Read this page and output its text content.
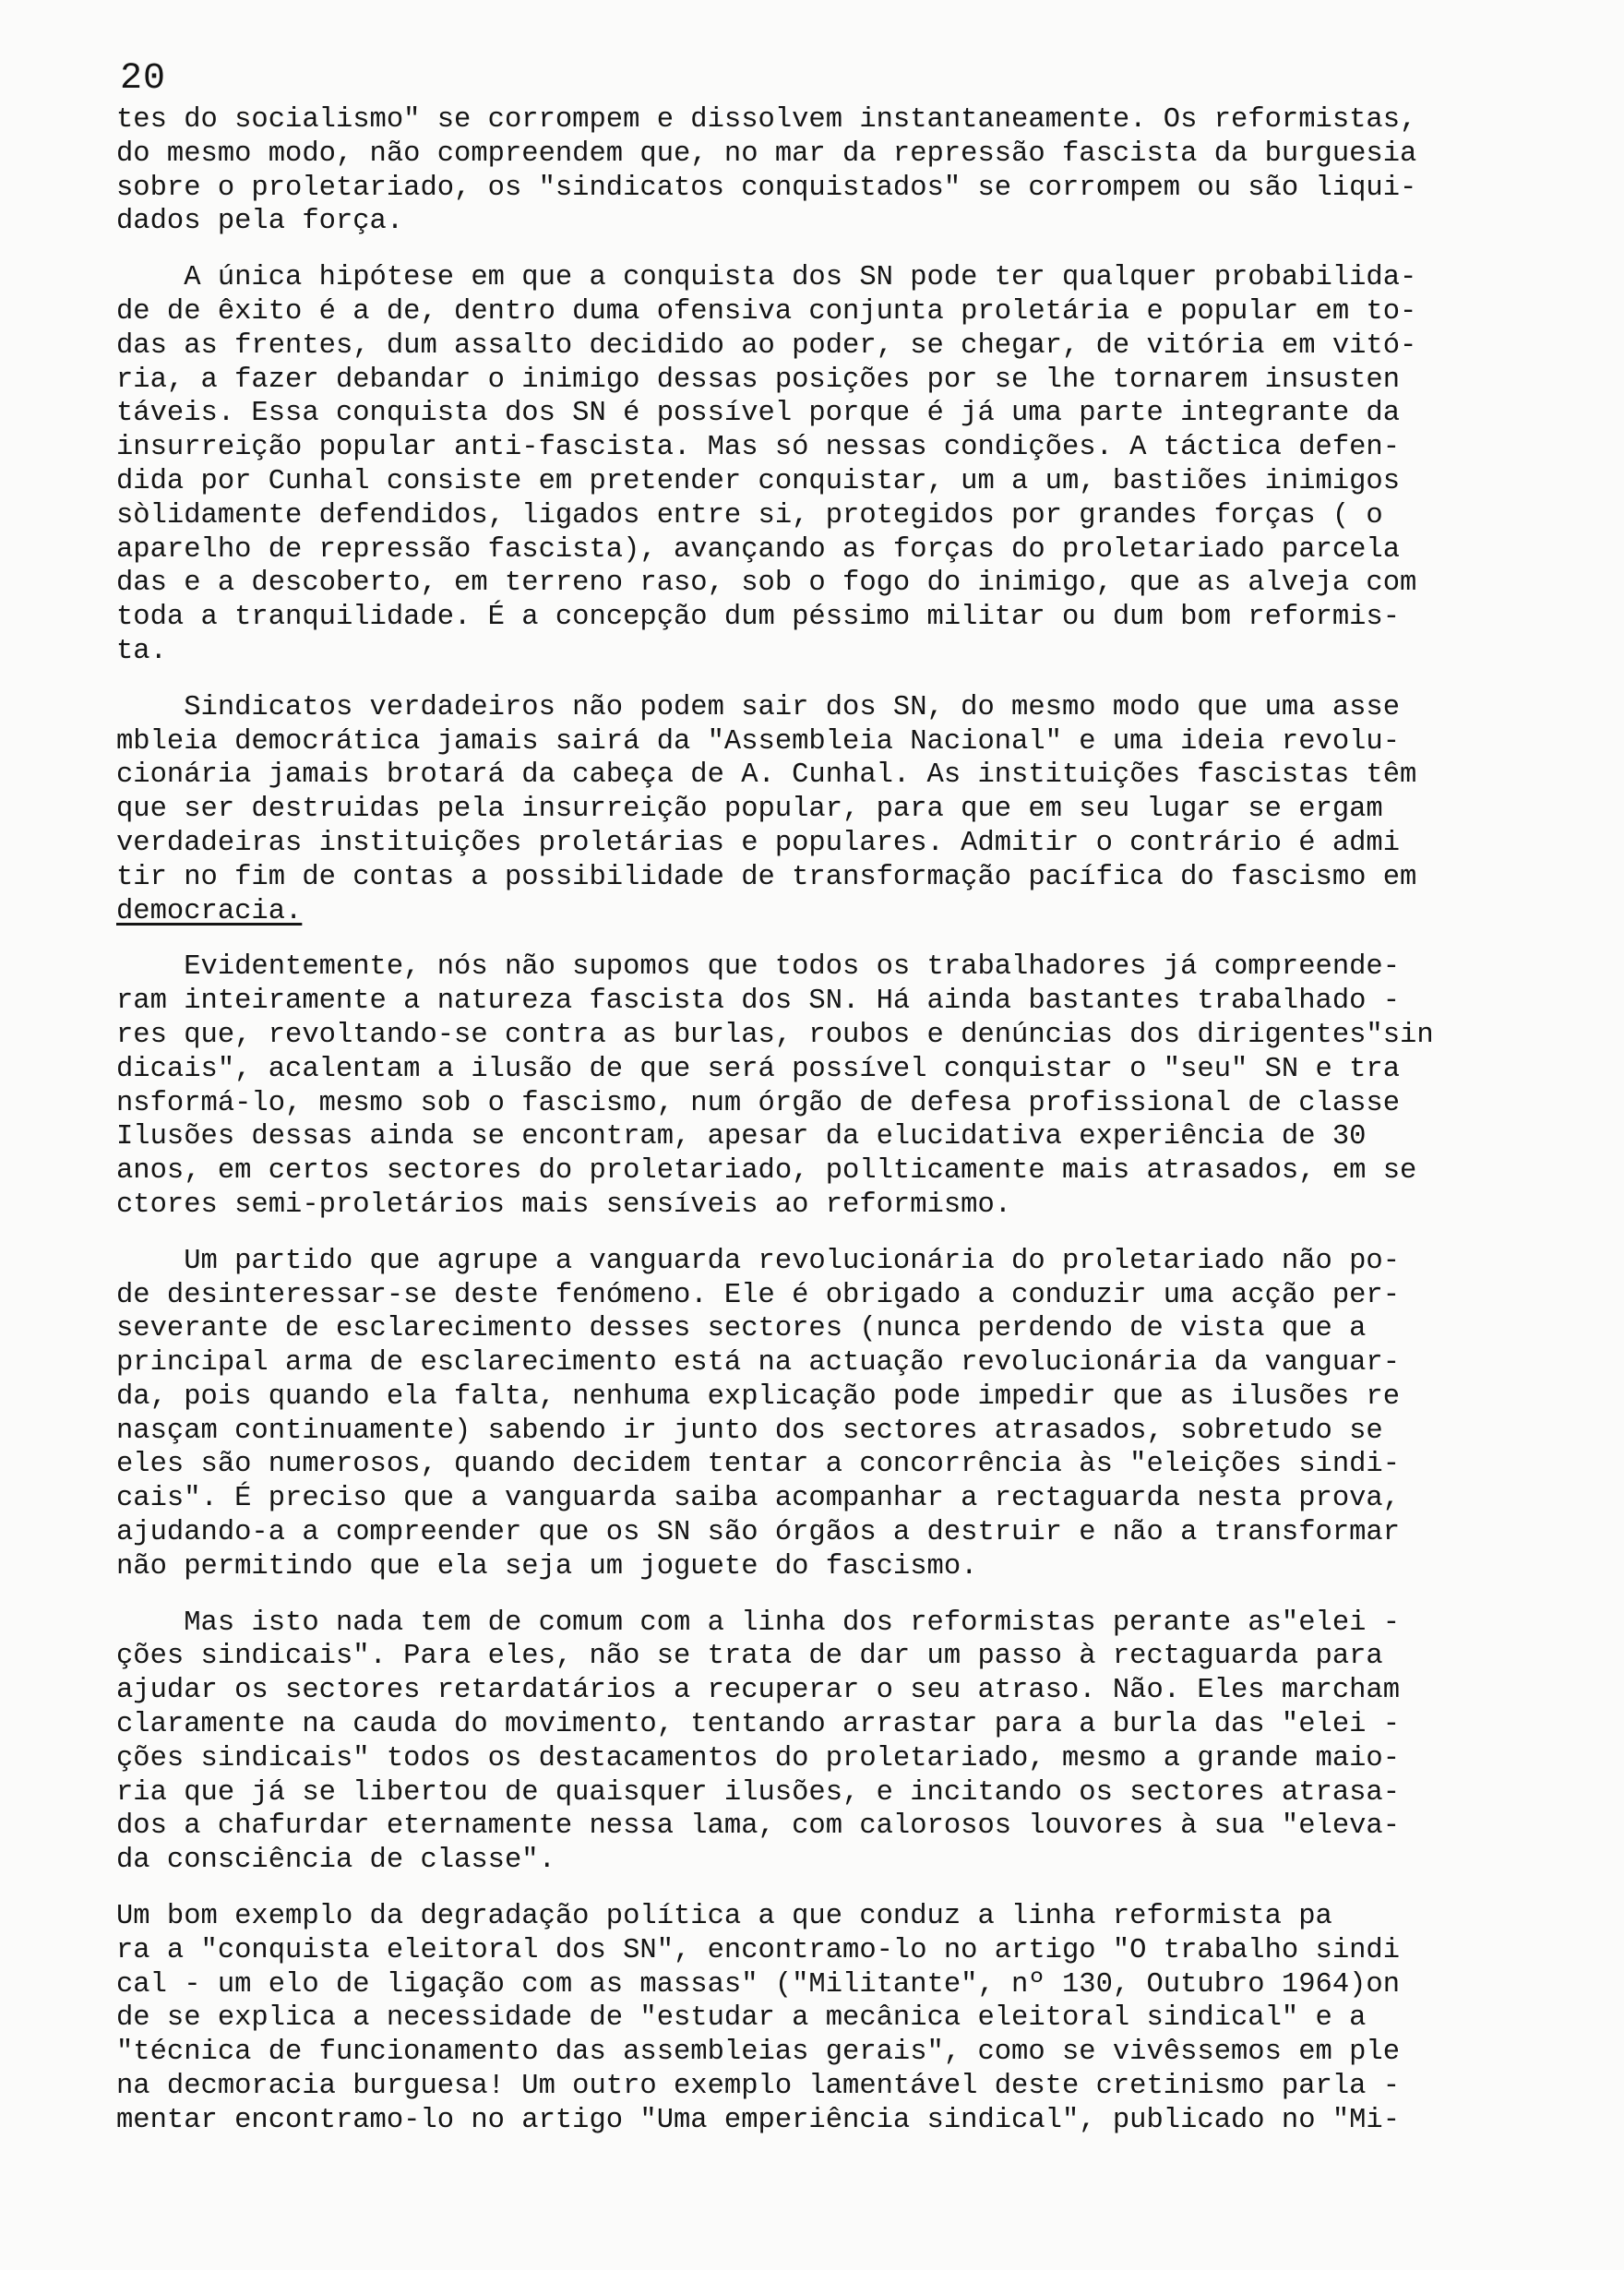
20
tes do socialismo" se corrompem e dissolvem instantaneamente. Os reformistas,
do mesmo modo, não compreendem que, no mar da repressão fascista da burguesia
sobre o proletariado, os "sindicatos conquistados" se corrompem ou são liqui-
dados pela força.
A única hipótese em que a conquista dos SN pode ter qualquer probabilida-
de de êxito é a de, dentro duma ofensiva conjunta proletária e popular em to-
das as frentes, dum assalto decidido ao poder, se chegar, de vitória em vitó-
ria, a fazer debandar o inimigo dessas posições por se lhe tornarem insusten
táveis. Essa conquista dos SN é possível porque é já uma parte integrante da
insurreição popular anti-fascista. Mas só nessas condições. A táctica defen-
dida por Cunhal consiste em pretender conquistar, um a um, bastiões inimigos
sòlidamente defendidos, ligados entre si, protegidos por grandes forças ( o
aparelho de repressão fascista), avançando as forças do proletariado parcela
das e a descoberto, em terreno raso, sob o fogo do inimigo, que as alveja com
toda a tranquilidade. É a concepção dum péssimo militar ou dum bom reformis-
ta.
Sindicatos verdadeiros não podem sair dos SN, do mesmo modo que uma asse
mbleia democrática jamais sairá da "Assembleia Nacional" e uma ideia revolu-
cionária jamais brotará da cabeça de A. Cunhal. As instituições fascistas têm
que ser destruidas pela insurreição popular, para que em seu lugar se ergam
verdadeiras instituições proletárias e populares. Admitir o contrário é admi
tir no fim de contas a possibilidade de transformação pacífica do fascismo em
democracia.
Evidentemente, nós não supomos que todos os trabalhadores já compreende-
ram inteiramente a natureza fascista dos SN. Há ainda bastantes trabalhado -
res que, revoltando-se contra as burlas, roubos e denúncias dos dirigentes"sin
dicais", acalentam a ilusão de que será possível conquistar o "seu" SN e tra
nsformá-lo, mesmo sob o fascismo, num órgão de defesa profissional de classe
Ilusões dessas ainda se encontram, apesar da elucidativa experiência de 30
anos, em certos sectores do proletariado, pollticamente mais atrasados, em se
ctores semi-proletários mais sensíveis ao reformismo.
Um partido que agrupe a vanguarda revolucionária do proletariado não po-
de desinteressar-se deste fenómeno. Ele é obrigado a conduzir uma acção per-
severante de esclarecimento desses sectores (nunca perdendo de vista que a
principal arma de esclarecimento está na actuação revolucionária da vanguar-
da, pois quando ela falta, nenhuma explicação pode impedir que as ilusões re
nasçam continuamente) sabendo ir junto dos sectores atrasados, sobretudo se
eles são numerosos, quando decidem tentar a concorrência às "eleições sindi-
cais". É preciso que a vanguarda saiba acompanhar a rectaguarda nesta prova,
ajudando-a a compreender que os SN são órgãos a destruir e não a transformar
não permitindo que ela seja um joguete do fascismo.
Mas isto nada tem de comum com a linha dos reformistas perante as"elei -
ções sindicais". Para eles, não se trata de dar um passo à rectaguarda para
ajudar os sectores retardatários a recuperar o seu atraso. Não. Eles marcham
claramente na cauda do movimento, tentando arrastar para a burla das "elei -
ções sindicais" todos os destacamentos do proletariado, mesmo a grande maio-
ria que já se libertou de quaisquer ilusões, e incitando os sectores atrasa-
dos a chafurdar eternamente nessa lama, com calorosos louvores à sua "eleva-
da consciência de classe".
Um bom exemplo da degradação política a que conduz a linha reformista pa
ra a "conquista eleitoral dos SN", encontramo-lo no artigo "O trabalho sindi
cal - um elo de ligação com as massas" ("Militante", nº 130, Outubro 1964)on
de se explica a necessidade de "estudar a mecânica eleitoral sindical" e a
"técnica de funcionamento das assembleias gerais", como se vivêssemos em ple
na decmoracia burguesa! Um outro exemplo lamentável deste cretinismo parla -
mentar encontramo-lo no artigo "Uma emperiência sindical", publicado no "Mi-
